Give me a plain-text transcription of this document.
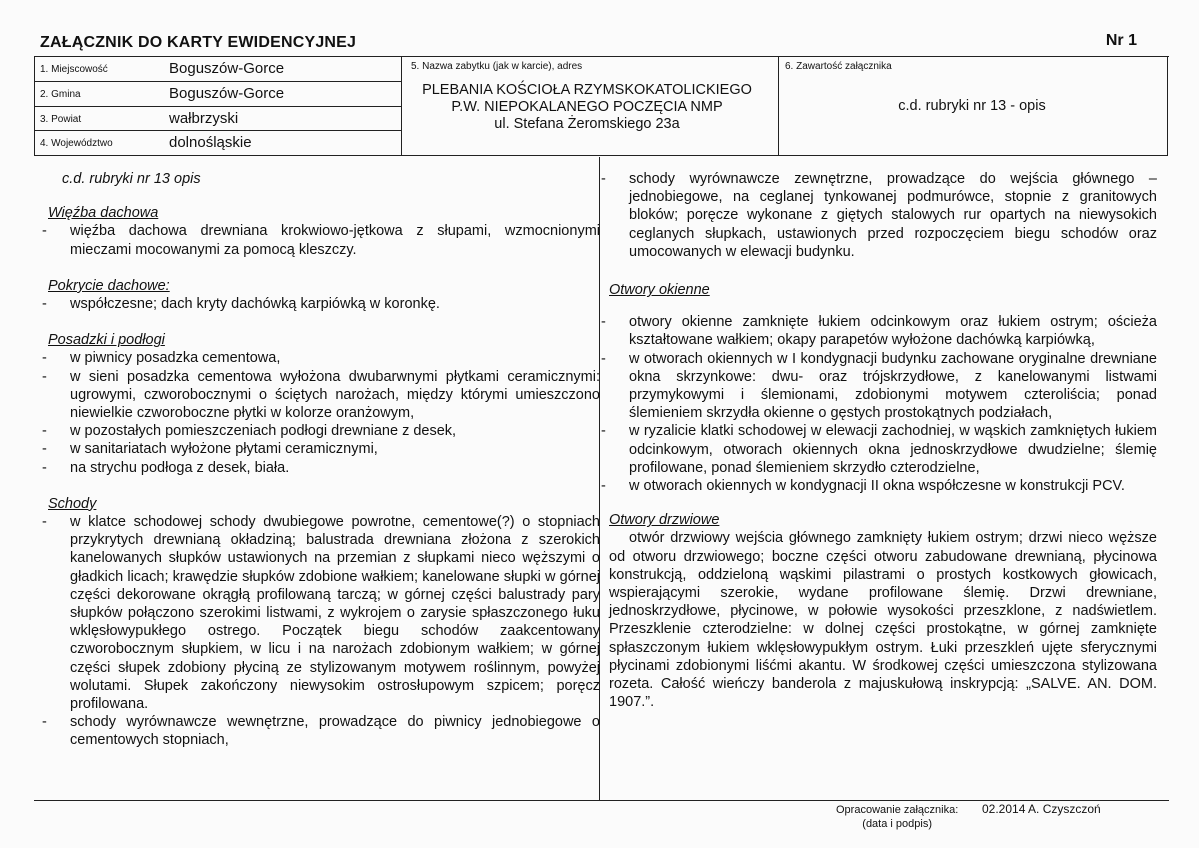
ZAŁĄCZNIK DO KARTY EWIDENCYJNEJ	Nr 1
1. Miejscowość	Boguszów-Gorce
2. Gmina	Boguszów-Gorce
3. Powiat	wałbrzyski
4. Województwo	dolnośląskie
5. Nazwa zabytku (jak w karcie), adres
PLEBANIA KOŚCIOŁA RZYMSKOKATOLICKIEGO
P.W. NIEPOKALANEGO POCZĘCIA NMP
ul. Stefana Żeromskiego 23a
6. Zawartość załącznika
c.d. rubryki nr 13 - opis
c.d. rubryki nr 13 opis
Więźba dachowa
- więźba dachowa drewniana krokwiowo-jętkowa z słupami, wzmocnionymi mieczami mocowanymi za pomocą kleszczy.
Pokrycie dachowe:
- współczesne; dach kryty dachówką karpiówką w koronkę.
Posadzki i podłogi
- w piwnicy posadzka cementowa,
- w sieni posadzka cementowa wyłożona dwubarwnymi płytkami ceramicznymi: ugrowymi, czworobocznymi o ściętych narożach, między którymi umieszczono niewielkie czworoboczne płytki w kolorze oranżowym,
- w pozostałych pomieszczeniach podłogi drewniane z desek,
- w sanitariatach wyłożone płytami ceramicznymi,
- na strychu podłoga z desek, biała.
Schody
- w klatce schodowej schody dwubiegowe powrotne, cementowe(?) o stopniach przykrytych drewnianą okładziną; balustrada drewniana złożona z szerokich kanelowanych słupków ustawionych na przemian z słupkami nieco węższymi o gładkich licach; krawędzie słupków zdobione wałkiem; kanelowane słupki w górnej części dekorowane okrągłą profilowaną tarczą; w górnej części balustrady pary słupków połączono szerokimi listwami, z wykrojem o zarysie spłaszczonego łuku wklęsłowypukłego ostrego. Początek biegu schodów zaakcentowany czworobocznym słupkiem, w licu i na narożach zdobionym wałkiem; w górnej części słupek zdobiony płyciną ze stylizowanym motywem roślinnym, powyżej wolutami. Słupek zakończony niewysokim ostrosłupowym szpicem; poręcz profilowana.
- schody wyrównawcze wewnętrzne, prowadzące do piwnicy jednobiegowe o cementowych stopniach,
- schody wyrównawcze zewnętrzne, prowadzące do wejścia głównego – jednobiegowe, na ceglanej tynkowanej podmurówce, stopnie z granitowych bloków; poręcze wykonane z giętych stalowych rur opartych na niewysokich ceglanych słupkach, ustawionych przed rozpoczęciem biegu schodów oraz umocowanych w elewacji budynku.
Otwory okienne
- otwory okienne zamknięte łukiem odcinkowym oraz łukiem ostrym; ościeża kształtowane wałkiem; okapy parapetów wyłożone dachówką karpiówką,
- w otworach okiennych w I kondygnacji budynku zachowane oryginalne drewniane okna skrzynkowe: dwu- oraz trójskrzydłowe, z kanelowanymi listwami przymykowymi i ślemionami, zdobionymi motywem czteroliścia; ponad ślemieniem skrzydła okienne o gęstych prostokątnych podziałach,
- w ryzalicie klatki schodowej w elewacji zachodniej, w wąskich zamkniętych łukiem odcinkowym, otworach okiennych okna jednoskrzydłowe dwudzielne; ślemię profilowane, ponad ślemieniem skrzydło czterodzielne,
- w otworach okiennych w kondygnacji II okna współczesne w konstrukcji PCV.
Otwory drzwiowe
otwór drzwiowy wejścia głównego zamknięty łukiem ostrym; drzwi nieco węższe od otworu drzwiowego; boczne części otworu zabudowane drewnianą, płycinowa konstrukcją, oddzieloną wąskimi pilastrami o prostych kostkowych głowicach, wspierającymi szerokie, wydane profilowane ślemię. Drzwi drewniane, jednoskrzydłowe, płycinowe, w połowie wysokości przeszklone, z nadświetlem. Przeszklenie czterodzielne: w dolnej części prostokątne, w górnej zamknięte spłaszczonym łukiem wklęsłowypukłym ostrym. Łuki przeszkleń ujęte sferycznymi płycinami zdobionymi liśćmi akantu. W środkowej części umieszczona stylizowana rozeta. Całość wieńczy banderola z majuskułową inskrypcją: „SALVE. AN. DOM. 1907.”.
Opracowanie załącznika:
(data i podpis)
02.2014 A. Czyszczoń
